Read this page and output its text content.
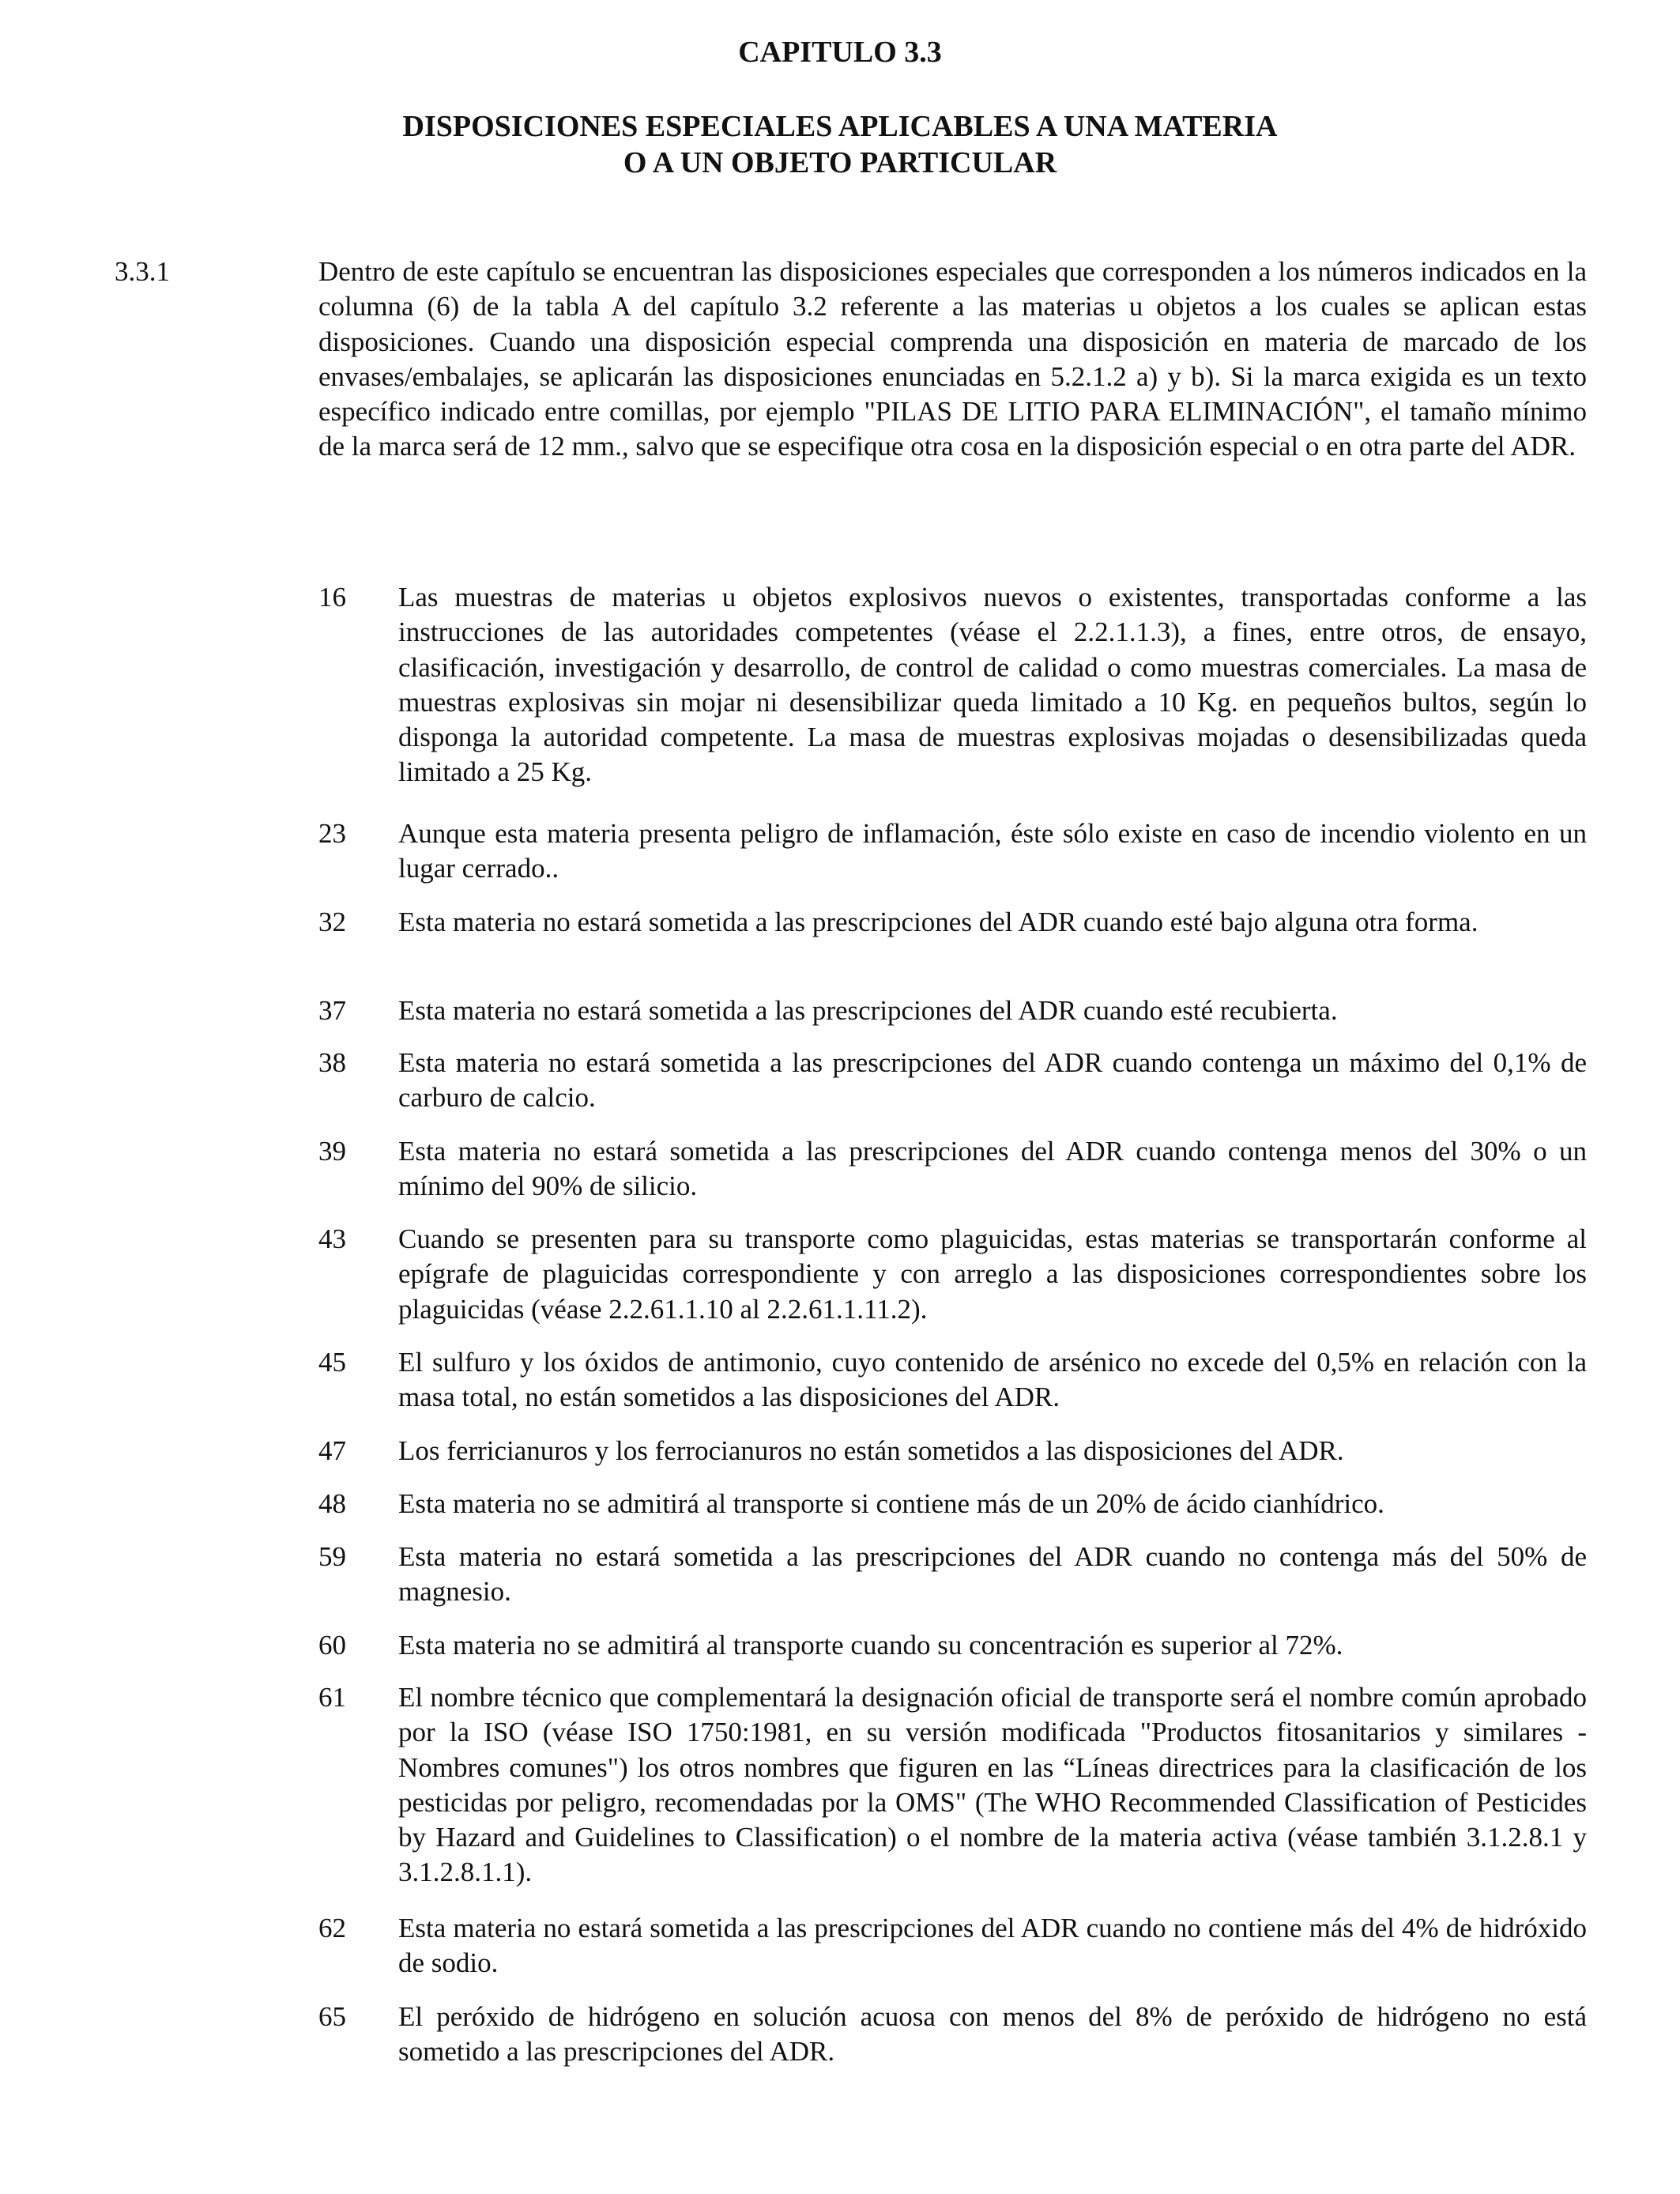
CAPITULO 3.3
DISPOSICIONES ESPECIALES APLICABLES A UNA MATERIA
O A UN OBJETO PARTICULAR
3.3.1	Dentro de este capítulo se encuentran las disposiciones especiales que corresponden a los números indicados en la columna (6) de la tabla A del capítulo 3.2 referente a las materias u objetos a los cuales se aplican estas disposiciones. Cuando una disposición especial comprenda una disposición en materia de marcado de los envases/embalajes, se aplicarán las disposiciones enunciadas en 5.2.1.2 a) y b). Si la marca exigida es un texto específico indicado entre comillas, por ejemplo "PILAS DE LITIO PARA ELIMINACIÓN", el tamaño mínimo de la marca será de 12 mm., salvo que se especifique otra cosa en la disposición especial o en otra parte del ADR.

16	Las muestras de materias u objetos explosivos nuevos o existentes, transportadas conforme a las instrucciones de las autoridades competentes (véase el 2.2.1.1.3), a fines, entre otros, de ensayo, clasificación, investigación y desarrollo, de control de calidad o como muestras comerciales. La masa de muestras explosivas sin mojar ni desensibilizar queda limitado a 10 Kg. en pequeños bultos, según lo disponga la autoridad competente. La masa de muestras explosivas mojadas o desensibilizadas queda limitado a 25 Kg.
23	Aunque esta materia presenta peligro de inflamación, éste sólo existe en caso de incendio violento en un lugar cerrado..
32	Esta materia no estará sometida a las prescripciones del ADR cuando esté bajo alguna otra forma.
37	Esta materia no estará sometida a las prescripciones del ADR cuando esté recubierta.
38	Esta materia no estará sometida a las prescripciones del ADR cuando contenga un máximo del 0,1% de carburo de calcio.
39	Esta materia no estará sometida a las prescripciones del ADR cuando contenga menos del 30% o un mínimo del 90% de silicio.
43	Cuando se presenten para su transporte como plaguicidas, estas materias se transportarán conforme al epígrafe de plaguicidas correspondiente y con arreglo a las disposiciones correspondientes sobre los plaguicidas (véase 2.2.61.1.10 al 2.2.61.1.11.2).
45	El sulfuro y los óxidos de antimonio, cuyo contenido de arsénico no excede del 0,5% en relación con la masa total, no están sometidos a las disposiciones del ADR.
47	Los ferricianuros y los ferrocianuros no están sometidos a las disposiciones del ADR.
48	Esta materia no se admitirá al transporte si contiene más de un 20% de ácido cianhídrico.
59	Esta materia no estará sometida a las prescripciones del ADR cuando no contenga más del 50% de magnesio.
60	Esta materia no se admitirá al transporte cuando su concentración es superior al 72%.
61	El nombre técnico que complementará la designación oficial de transporte será el nombre común aprobado por la ISO (véase ISO 1750:1981, en su versión modificada "Productos fitosanitarios y similares - Nombres comunes") los otros nombres que figuren en las “Líneas directrices para la clasificación de los pesticidas por peligro, recomendadas por la OMS" (The WHO Recommended Classification of Pesticides by Hazard and Guidelines to Classification) o el nombre de la materia activa (véase también 3.1.2.8.1 y 3.1.2.8.1.1).
62	Esta materia no estará sometida a las prescripciones del ADR cuando no contiene más del 4% de hidróxido de sodio.
65	El peróxido de hidrógeno en solución acuosa con menos del 8% de peróxido de hidrógeno no está sometido a las prescripciones del ADR.
